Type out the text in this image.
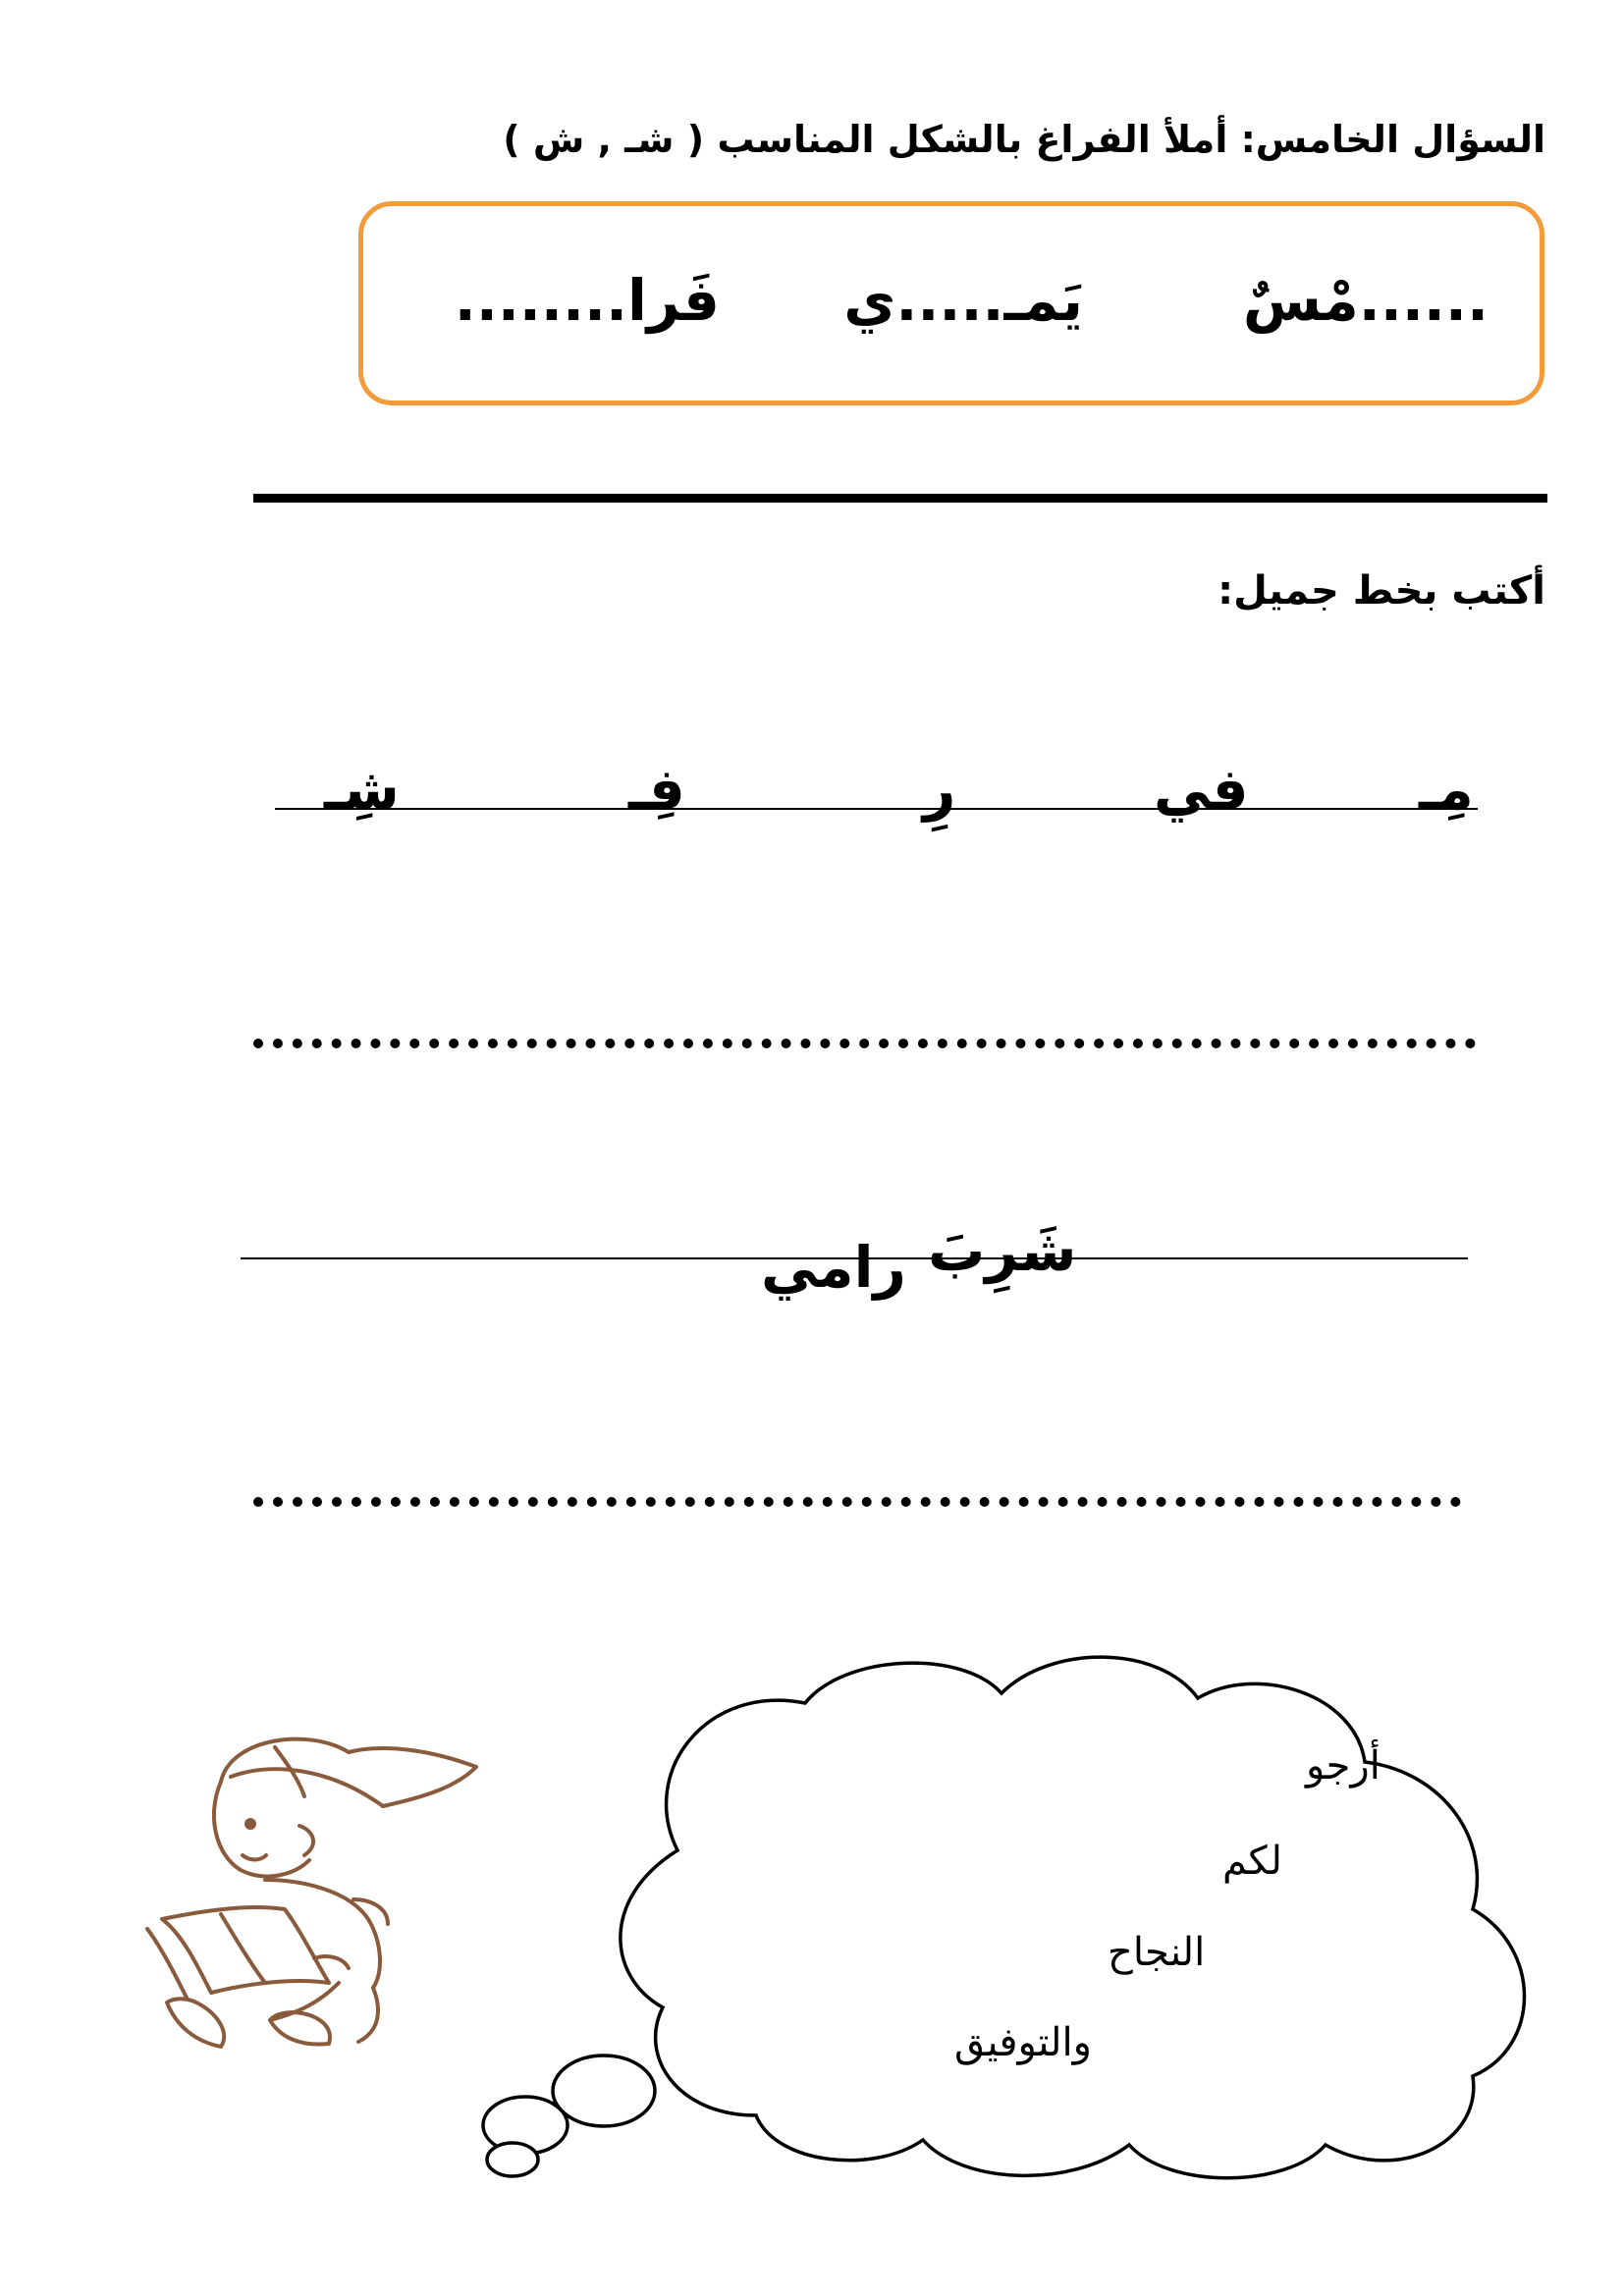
السؤال الخامس: أملأ الفراغ بالشكل المناسب ( شـ , ش )
......مْسٌ
يَمـ.....ي
فَرا........
أكتب بخط جميل:
مِـ
في
رِ
فِـ
شِـ
شَرِبَ
رامي
أرجو
لكم
النجاح
والتوفيق
